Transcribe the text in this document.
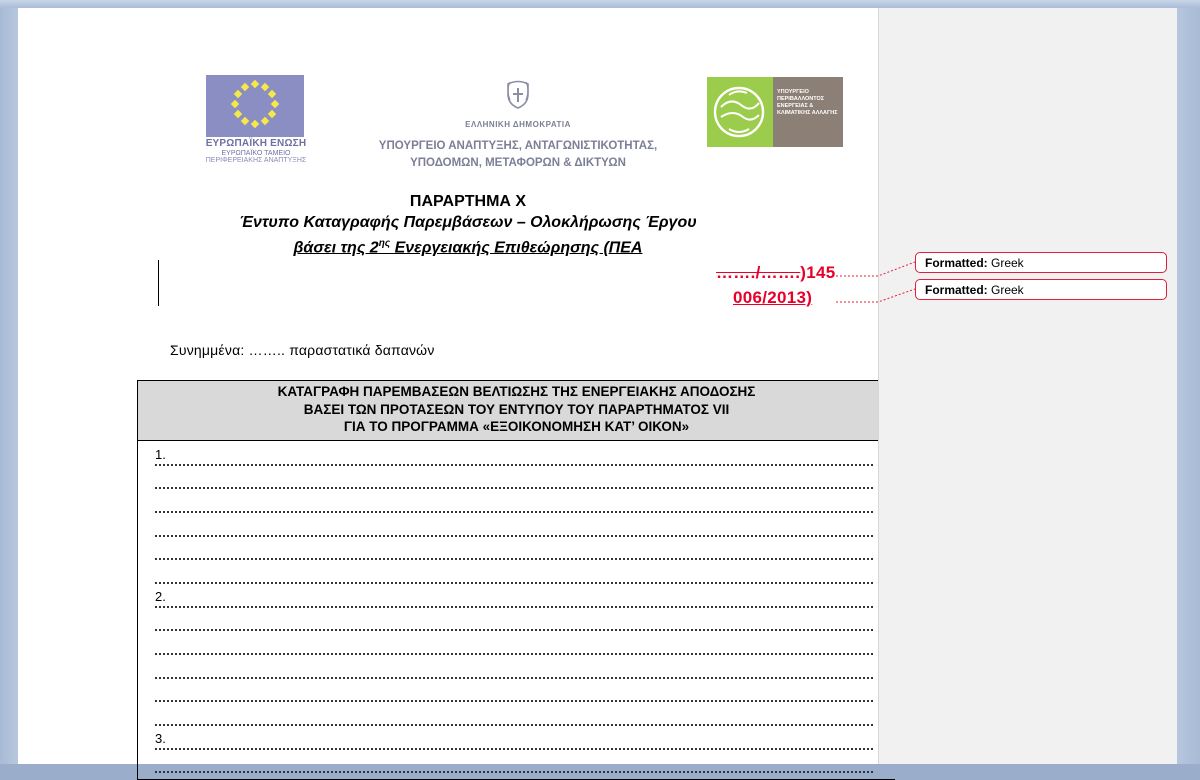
ΕΥΡΩΠΑΪΚΗ ΕΝΩΣΗ
ΕΥΡΩΠΑΪΚΟ ΤΑΜΕΙΟ
ΠΕΡΙΦΕΡΕΙΑΚΗΣ ΑΝΑΠΤΥΞΗΣ
ΕΛΛΗΝΙΚΗ ΔΗΜΟΚΡΑΤΙΑ
ΥΠΟΥΡΓΕΙΟ ΑΝΑΠΤΥΞΗΣ, ΑΝΤΑΓΩΝΙΣΤΙΚΟΤΗΤΑΣ,
ΥΠΟΔΟΜΩΝ, ΜΕΤΑΦΟΡΩΝ & ΔΙΚΤΥΩΝ
ΥΠΟΥΡΓΕΙΟ ΠΕΡΙΒΑΛΛΟΝΤΟΣ ΕΝΕΡΓΕΙΑΣ & ΚΛΙΜΑΤΙΚΗΣ ΑΛΛΑΓΗΣ
ΠΑΡΑΡΤΗΜΑ Χ
Έντυπο Καταγραφής Παρεμβάσεων – Ολοκλήρωσης Έργου
βάσει της $2^{\eta\varsigma}$ Ενεργειακής Επιθεώρησης (ΠΕΑ
……./…….)145
006/2013)
Συνημμένα: …….. παραστατικά δαπανών
ΚΑΤΑΓΡΑΦΗ ΠΑΡΕΜΒΑΣΕΩΝ ΒΕΛΤΙΩΣΗΣ ΤΗΣ ΕΝΕΡΓΕΙΑΚΗΣ ΑΠΟΔΟΣΗΣ
ΒΑΣΕΙ ΤΩΝ ΠΡΟΤΑΣΕΩΝ ΤΟΥ ΕΝΤΥΠΟΥ ΤΟΥ ΠΑΡΑΡΤΗΜΑΤΟΣ VII
ΓΙΑ ΤΟ ΠΡΟΓΡΑΜΜΑ «ΕΞΟΙΚΟΝΟΜΗΣΗ ΚΑΤ’ ΟΙΚΟΝ»
1.
2.
3.
Formatted: Greek
Formatted: Greek
